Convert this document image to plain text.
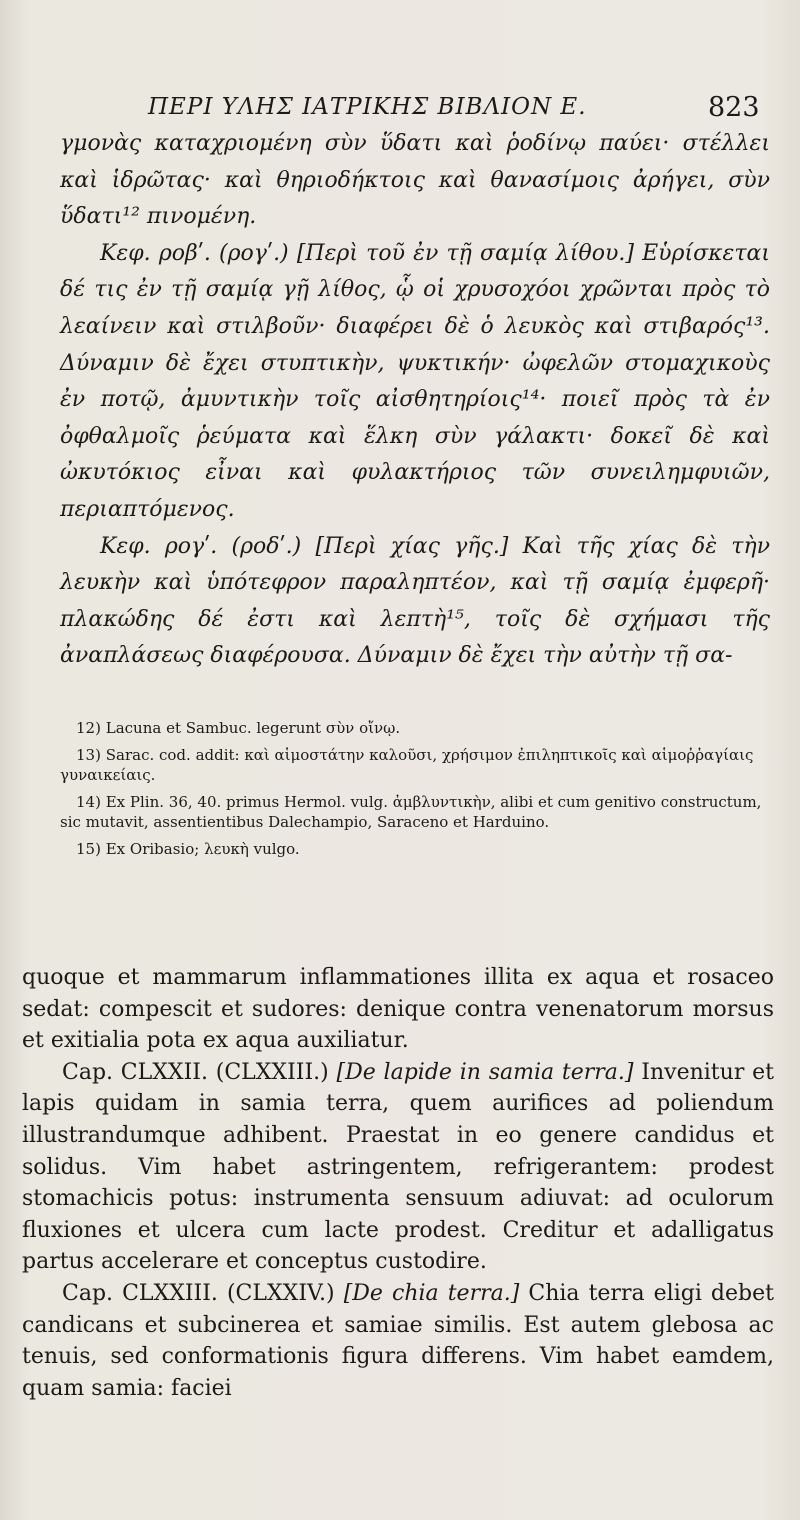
ΠΕΡΙ ΥΛΗΣ ΙΑΤΡΙΚΗΣ ΒΙΒΛΙΟΝ Ε.	823

γμονὰς καταχριομένη σὺν ὕδατι καὶ ῥοδίνῳ παύει· στέλλει καὶ ἱδρῶτας· καὶ θηριοδήκτοις καὶ θανασίμοις ἀρήγει, σὺν ὕδατι¹² πινομένη.

Κεφ. ροβʹ. (ρογʹ.) [Περὶ τοῦ ἐν τῇ σαμίᾳ λίθου.] Εὑρίσκεται δέ τις ἐν τῇ σαμίᾳ γῇ λίθος, ᾧ οἱ χρυσοχόοι χρῶνται πρὸς τὸ λεαίνειν καὶ στιλβοῦν· διαφέρει δὲ ὁ λευκὸς καὶ στιβαρός¹³. Δύναμιν δὲ ἔχει στυπτικὴν, ψυκτικήν· ὠφελῶν στομαχικοὺς ἐν ποτῷ, ἀμυντικὴν τοῖς αἰσθητηρίοις¹⁴· ποιεῖ πρὸς τὰ ἐν ὀφθαλμοῖς ῥεύματα καὶ ἕλκη σὺν γάλακτι· δοκεῖ δὲ καὶ ὠκυτόκιος εἶναι καὶ φυλακτήριος τῶν συνειλημφυιῶν, περιαπτόμενος.

Κεφ. ρογʹ. (ροδʹ.) [Περὶ χίας γῆς.] Καὶ τῆς χίας δὲ τὴν λευκὴν καὶ ὑπότεφρον παραληπτέον, καὶ τῇ σαμίᾳ ἐμφερῆ· πλακώδης δέ ἐστι καὶ λεπτὴ¹⁵, τοῖς δὲ σχήμασι τῆς ἀναπλάσεως διαφέρουσα. Δύναμιν δὲ ἔχει τὴν αὐτὴν τῇ σα-

12) Lacuna et Sambuc. legerunt σὺν οἴνῳ.

13) Sarac. cod. addit: καὶ αἱμοστάτην καλοῦσι, χρήσιμον ἐπιληπτικοῖς καὶ αἱμοῤῥαγίαις γυναικείαις.

14) Ex Plin. 36, 40. primus Hermol. vulg. ἀμβλυντικὴν, alibi et cum genitivo constructum, sic mutavit, assentientibus Dalechampio, Saraceno et Harduino.

15) Ex Oribasio; λευκὴ vulgo.

quoque et mammarum inflammationes illita ex aqua et rosaceo sedat: compescit et sudores: denique contra venenatorum morsus et exitialia pota ex aqua auxiliatur.

Cap. CLXXII. (CLXXIII.) [De lapide in samia terra.] Invenitur et lapis quidam in samia terra, quem aurifices ad poliendum illustrandumque adhibent. Praestat in eo genere candidus et solidus. Vim habet astringentem, refrigerantem: prodest stomachicis potus: instrumenta sensuum adiuvat: ad oculorum fluxiones et ulcera cum lacte prodest. Creditur et adalligatus partus accelerare et conceptus custodire.

Cap. CLXXIII. (CLXXIV.) [De chia terra.] Chia terra eligi debet candicans et subcinerea et samiae similis. Est autem glebosa ac tenuis, sed conformationis figura differens. Vim habet eamdem, quam samia: faciei
